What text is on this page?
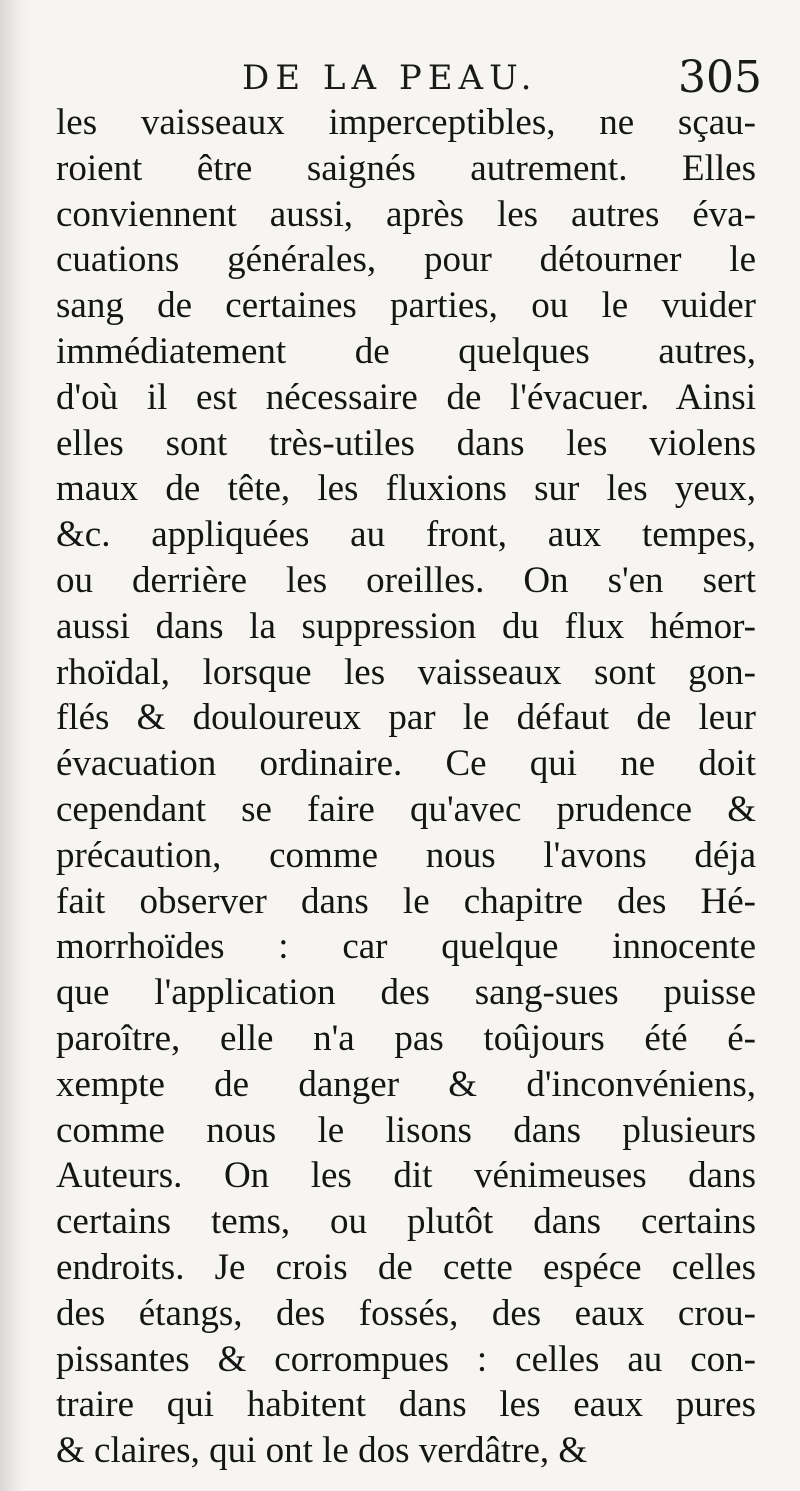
DE LA PEAU.	305
les vaisseaux imperceptibles, ne sçau-
roient être saignés autrement. Elles
conviennent aussi, après les autres éva-
cuations générales, pour détourner le
sang de certaines parties, ou le vuider
immédiatement de quelques autres,
d'où il est nécessaire de l'évacuer. Ainsi
elles sont très-utiles dans les violens
maux de tête, les fluxions sur les yeux,
&c. appliquées au front, aux tempes,
ou derrière les oreilles. On s'en sert
aussi dans la suppression du flux hémor-
rhoïdal, lorsque les vaisseaux sont gon-
flés & douloureux par le défaut de leur
évacuation ordinaire. Ce qui ne doit
cependant se faire qu'avec prudence &
précaution, comme nous l'avons déja
fait observer dans le chapitre des Hé-
morrhoïdes : car quelque innocente
que l'application des sang-sues puisse
paroître, elle n'a pas toûjours été é-
xempte de danger & d'inconvéniens,
comme nous le lisons dans plusieurs
Auteurs. On les dit vénimeuses dans
certains tems, ou plutôt dans certains
endroits. Je crois de cette espéce celles
des étangs, des fossés, des eaux crou-
pissantes & corrompues : celles au con-
traire qui habitent dans les eaux pures
& claires, qui ont le dos verdâtre, &
